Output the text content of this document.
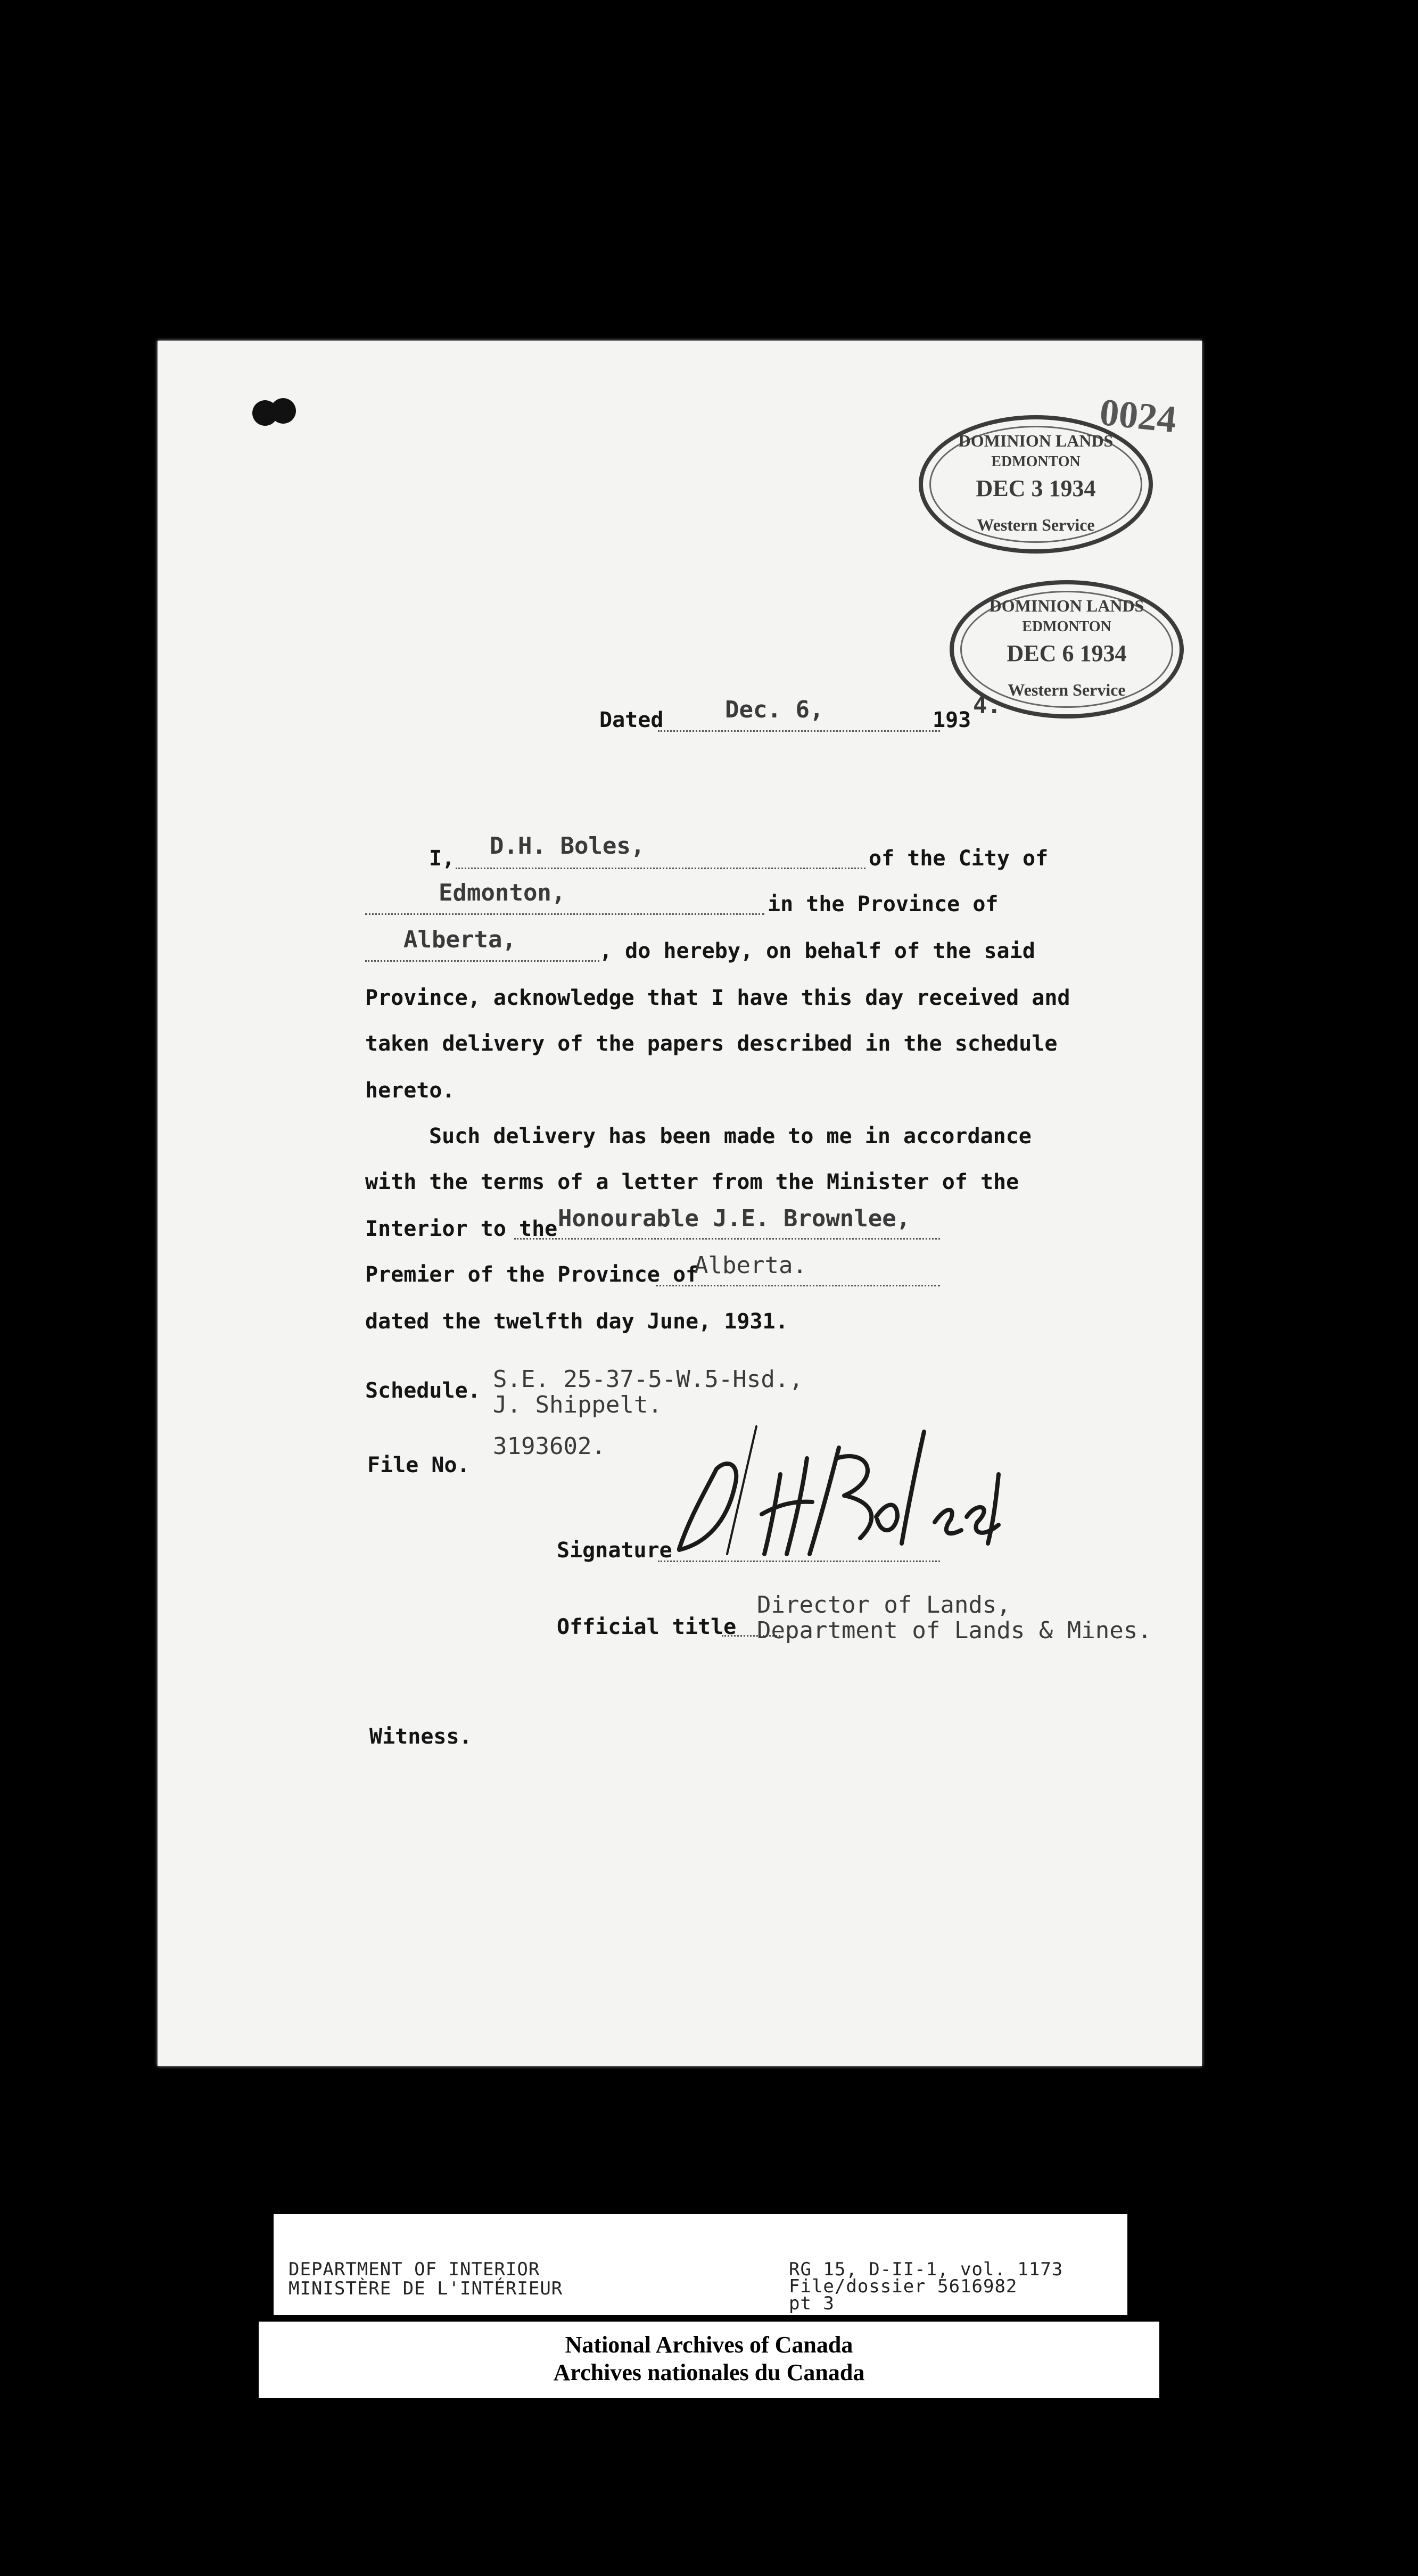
0024
DOMINION LANDS
EDMONTON
DEC 3 1934
Western Service
DOMINION LANDS
EDMONTON
DEC 6 1934
Western Service
Dated	Dec. 6,	193
4.
I, D.H. Boles,	of the City of
Edmonton,	in the Province of
Alberta,	, do hereby, on behalf of the said
Province, acknowledge that I have this day received and
taken delivery of the papers described in the schedule
hereto.
Such delivery has been made to me in accordance
with the terms of a letter from the Minister of the
Interior to the Honourable J.E. Brownlee,
Premier of the Province of
Alberta.
dated the twelfth day June, 1931.
Schedule. S.E. 25-37-5-W.5-Hsd.,
J. Shippelt.
File No.
3193602.
Signature
Official title
Director of Lands,
Department of Lands & Mines.
Witness.
DEPARTMENT OF INTERIOR
MINISTÈRE DE L'INTÉRIEUR
RG 15, D-II-1, vol. 1173
File/dossier 5616982
pt 3
National Archives of Canada
Archives nationales du Canada
